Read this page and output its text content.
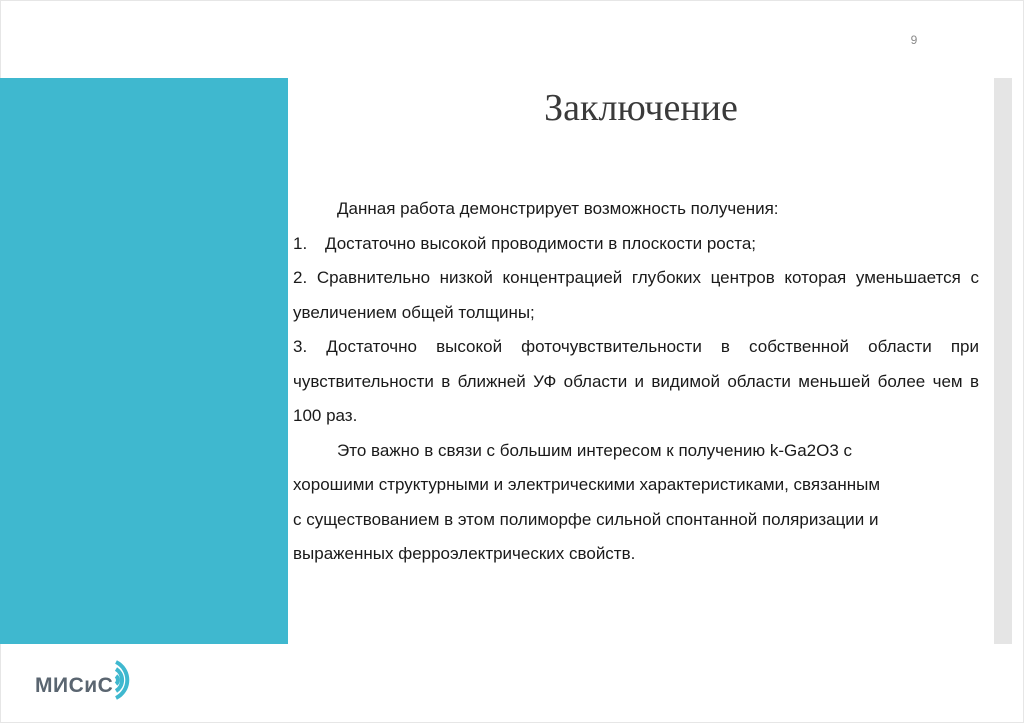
9
Заключение

Данная работа демонстрирует возможность получения:

1. Достаточно высокой проводимости в плоскости роста;

2. Сравнительно низкой концентрацией глубоких центров которая уменьшается с увеличением общей толщины;

3. Достаточно высокой фоточувствительности в собственной области при чувствительности в ближней УФ области и видимой области меньшей более чем в 100 раз.

Это важно в связи с большим интересом к получению k-Ga2O3 с

хорошими структурными и электрическими характеристиками, связанным

с существованием в этом полиморфе сильной спонтанной поляризации и

выраженных ферроэлектрических свойств.

МИСиС
